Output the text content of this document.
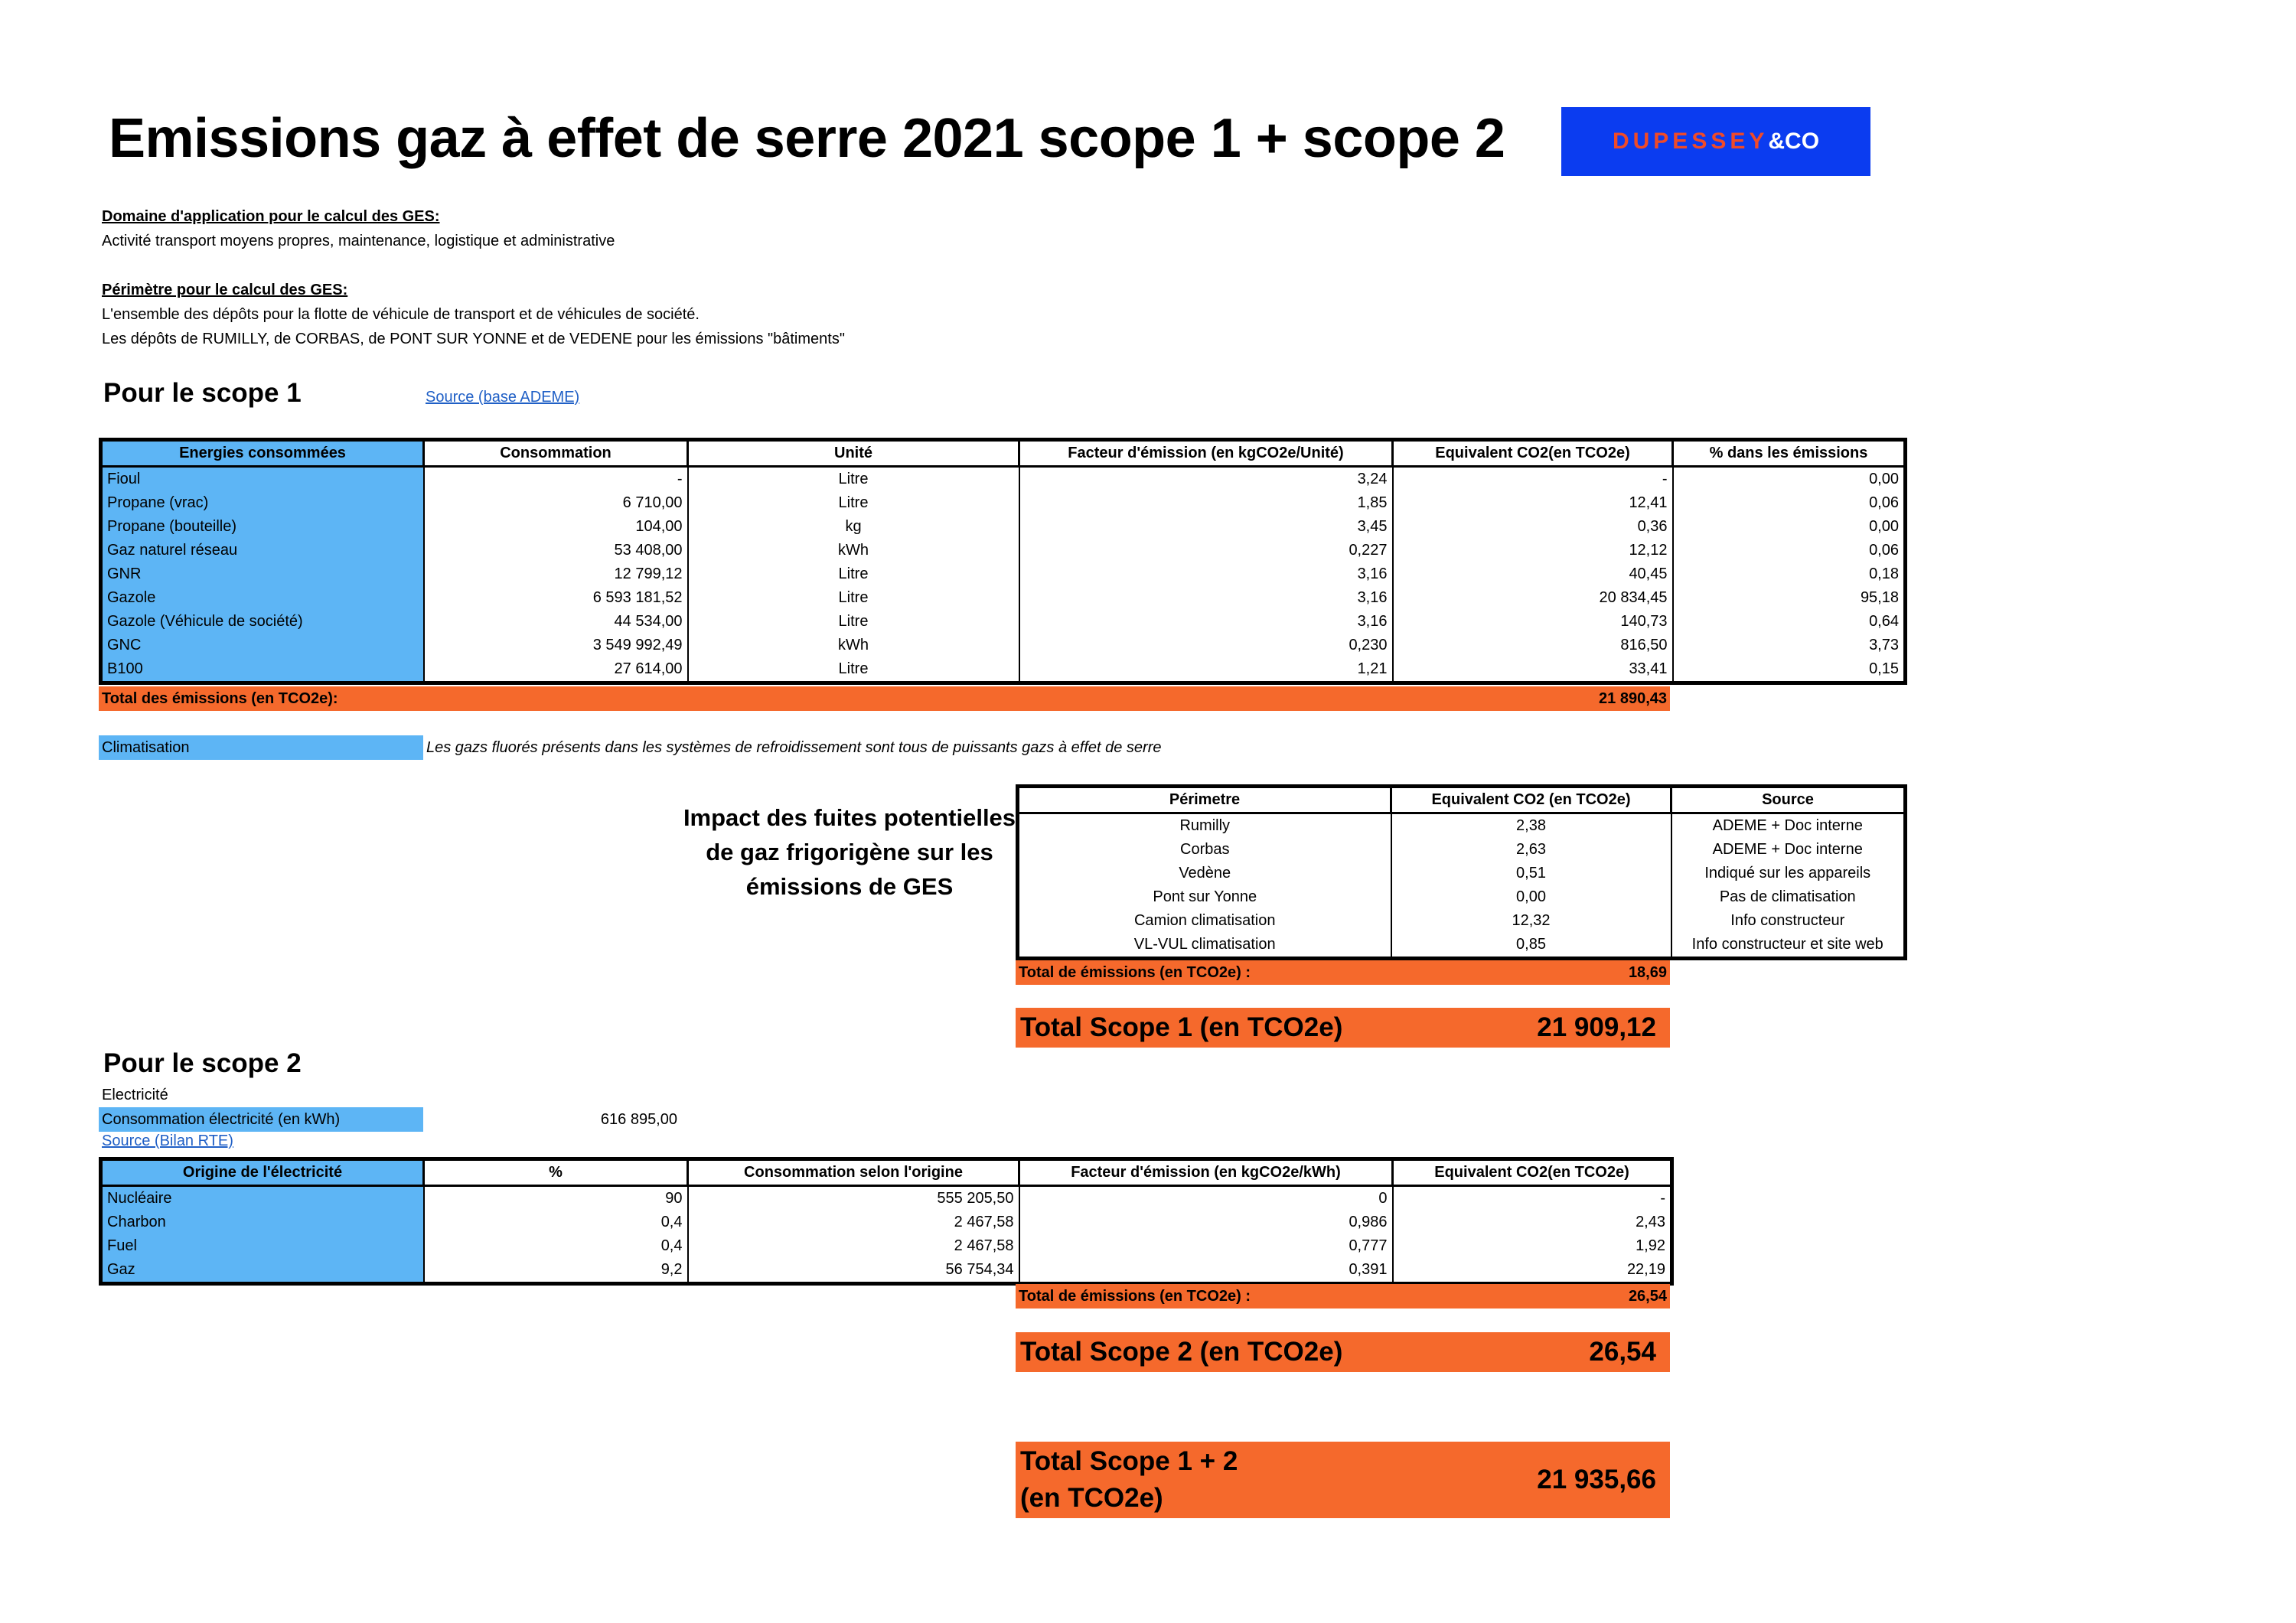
Emissions gaz à effet de serre 2021 scope 1 + scope 2	DUPESSEY &CO
Domaine d'application pour le calcul des GES:
Activité transport moyens propres, maintenance, logistique et administrative
Périmètre pour le calcul des GES:
L'ensemble des dépôts pour la flotte de véhicule de transport et de véhicules de société.
Les dépôts de RUMILLY, de CORBAS, de PONT SUR YONNE et de VEDENE pour les émissions "bâtiments"
Pour le scope 1	Source (base ADEME)
Energies consommées	Consommation	Unité	Facteur d'émission (en kgCO2e/Unité)	Equivalent CO2(en TCO2e)	% dans les émissions
Fioul	-	Litre	3,24	-	0,00
Propane (vrac)	6 710,00	Litre	1,85	12,41	0,06
Propane (bouteille)	104,00	kg	3,45	0,36	0,00
Gaz naturel réseau	53 408,00	kWh	0,227	12,12	0,06
GNR	12 799,12	Litre	3,16	40,45	0,18
Gazole	6 593 181,52	Litre	3,16	20 834,45	95,18
Gazole (Véhicule de société)	44 534,00	Litre	3,16	140,73	0,64
GNC	3 549 992,49	kWh	0,230	816,50	3,73
B100	27 614,00	Litre	1,21	33,41	0,15
Total des émissions (en TCO2e):	21 890,43
Climatisation	Les gazs fluorés présents dans les systèmes de refroidissement sont tous de puissants gazs à effet de serre
Impact des fuites potentielles de gaz frigorigène sur les émissions de GES
Périmetre	Equivalent CO2 (en TCO2e)	Source
Rumilly	2,38	ADEME + Doc interne
Corbas	2,63	ADEME + Doc interne
Vedène	0,51	Indiqué sur les appareils
Pont sur Yonne	0,00	Pas de climatisation
Camion climatisation	12,32	Info constructeur
VL-VUL climatisation	0,85	Info constructeur et site web
Total de émissions (en TCO2e) :	18,69
Total Scope 1 (en TCO2e)	21 909,12
Pour le scope 2
Electricité
Consommation électricité (en kWh)	616 895,00
Source (Bilan RTE)
Origine de l'électricité	%	Consommation selon l'origine	Facteur d'émission (en kgCO2e/kWh)	Equivalent CO2(en TCO2e)
Nucléaire	90	555 205,50	0	-
Charbon	0,4	2 467,58	0,986	2,43
Fuel	0,4	2 467,58	0,777	1,92
Gaz	9,2	56 754,34	0,391	22,19
Total de émissions (en TCO2e) :	26,54
Total Scope 2 (en TCO2e)	26,54
Total Scope 1 + 2
(en TCO2e)
21 935,66
